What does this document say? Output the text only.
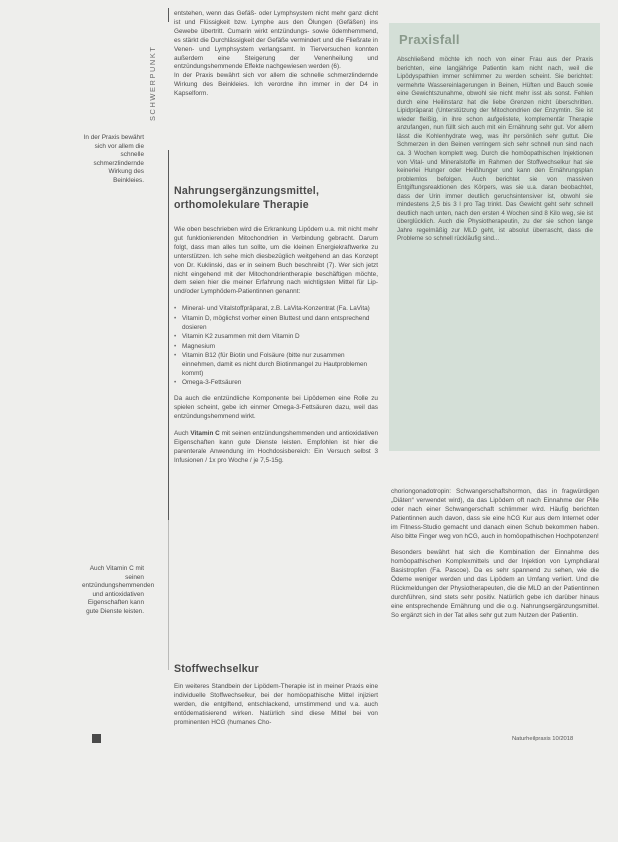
SCHWERPUNKT
In der Praxis bewährt sich vor allem die schnelle schmerzlindernde Wirkung des Beinkleies.
Auch Vitamin C mit seinen entzündungshemmenden und antioxidativen Eigenschaften kann gute Dienste leisten.

entstehen, wenn das Gefäß- oder Lymphsystem nicht mehr ganz dicht ist und Flüssigkeit bzw. Lymphe aus den Ölungen (Gefäßen) ins Gewebe übertritt. Cumarin wirkt entzündungs- sowie ödemhemmend, es stärkt die Durchlässigkeit der Gefäße vermindert und die Fließrate in Venen- und Lymphsystem verlangsamt. In Tierversuchen konnten außerdem eine Steigerung der Venenheilung und entzündungshemmende Effekte nachgewiesen werden (6).

In der Praxis bewährt sich vor allem die schnelle schmerzlindernde Wirkung des Beinkleies. Ich verordne ihn immer in der D4 in Kapselform.

Nahrungsergänzungsmittel,
orthomolekulare Therapie

Wie oben beschrieben wird die Erkrankung Lipödem u.a. mit nicht mehr gut funktionierenden Mitochondrien in Verbindung gebracht. Darum folgt, dass man alles tun sollte, um die kleinen Energiekraftwerke zu unterstützen. Ich sehe mich diesbezüglich weitgehend an das Konzept von Dr. Kuklinski, das er in seinem Buch beschreibt (7). Wer sich jetzt nicht eingehend mit der Mitochondrientherapie beschäftigen möchte, dem seien hier die meiner Erfahrung nach wichtigsten Mittel für Lip- und/oder Lymphödem-Patientinnen genannt:

• Mineral- und Vitalstoffpräparat, z.B. LaVita-Konzentrat (Fa. LaVita)
• Vitamin D, möglichst vorher einen Bluttest und dann entsprechend dosieren
• Vitamin K2 zusammen mit dem Vitamin D
• Magnesium
• Vitamin B12 (für Biotin und Folsäure (bitte nur zusammen einnehmen, damit es nicht durch Biotinmangel zu Hautproblemen kommt)
• Omega-3-Fettsäuren

Da auch die entzündliche Komponente bei Lipödemen eine Rolle zu spielen scheint, gebe ich einmer Omega-3-Fettsäuren dazu, weil das entzündungshemmend wirkt.

Auch Vitamin C mit seinen entzündungshemmenden und antioxidativen Eigenschaften kann gute Dienste leisten. Empfohlen ist hier die parenterale Anwendung im Hochdosisbereich: Ein Versuch selbst 3 Infusionen / 1x pro Woche / je 7,5-15g.

Stoffwechselkur

Ein weiteres Standbein der Lipödem-Therapie ist in meiner Praxis eine individuelle Stoffwechselkur, bei der homöopathische Mittel injiziert werden, die entgiftend, entschlackend, umstimmend und v.a. auch entödematisierend wirken. Natürlich sind diese Mittel bei von prominenten HCG (humanes Cho-

Praxisfall
Abschließend möchte ich noch von einer Frau aus der Praxis berichten, eine langjährige Patientin kam nicht nach, weil die Lipödyspathien immer schlimmer zu werden scheint. Sie berichtet: vermehrte Wassereinlagerungen in Beinen, Hüften und Bauch sowie eine Gewichtszunahme, obwohl sie nicht mehr isst als sonst. Fehlen durch eine Heilinstanz hat die liebe Grenzen nicht überschritten. Lipidpräparat (Unterstützung der Mitochondrien der Enzymtin. Sie ist wieder fleißig, in ihre schon aufgelistete, komplementär Therapie anzufangen, nun füllt sich auch mit ein Ernährung sehr gut. Vor allem lässt die Kohlenhydrate weg, was ihr persönlich sehr guttut. Die Schmerzen in den Beinen verringern sich sehr schnell nun sind nach ca. 3 Wochen komplett weg. Durch die homöopathischen Injektionen von Vital- und Mineralstoffe im Rahmen der Stoffwechselkur hat sie keinerlei Hunger oder Heißhunger und kann den Ernährungsplan problemlos befolgen. Auch berichtet sie von massiven Entgiftungsreaktionen des Körpers, was sie u.a. daran beobachtet, dass der Urin immer deutlich geruchsintensiver ist, obwohl sie mindestens 2,5 bis 3 l pro Tag trinkt. Das Gewicht geht sehr schnell deutlich nach unten, nach den ersten 4 Wochen sind 8 Kilo weg, sie ist überglücklich. Auch die Physiotherapeutin, zu der sie schon lange Jahre regelmäßig zur MLD geht, ist absolut überrascht, dass die Probleme so schnell rückläufig sind...

choriongonadotropin: Schwangerschaftshormon, das in fragwürdigen „Diäten“ verwendet wird), da das Lipödem oft nach Einnahme der Pille oder nach einer Schwangerschaft schlimmer wird. Häufig berichten Patientinnen auch davon, dass sie eine hCG Kur aus dem Internet oder im Fitness-Studio gemacht und danach einen Schub bekommen haben. Also bitte Finger weg von hCG, auch in homöopathischen Hochpotenzen!

Besonders bewährt hat sich die Kombination der Einnahme des homöopathischen Komplexmittels und der Injektion von Lymphdiaral Basistropfen (Fa. Pascoe). Da es sehr spannend zu sehen, wie die Ödeme weniger werden und das Lipödem an Umfang verliert. Und die Rückmeldungen der Physiotherapeuten, die die MLD an der Patientinnen durchführen, sind stets sehr positiv. Natürlich gebe ich darüber hinaus eine entsprechende Ernährung und die o.g. Nahrungsergänzungsmittel. So ergänzt sich in der Tat alles sehr gut zum Nutzen der Patientin.

Naturheilpraxis 10/2018
